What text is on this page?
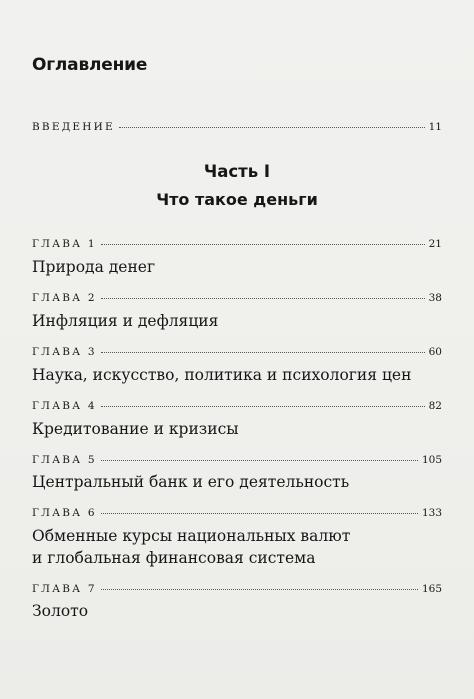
Оглавление
ВВЕДЕНИЕ	11
Часть I
Что такое деньги
ГЛАВА 1	21
Природа денег
ГЛАВА 2	38
Инфляция и дефляция
ГЛАВА 3	60
Наука, искусство, политика и психология цен
ГЛАВА 4	82
Кредитование и кризисы
ГЛАВА 5	105
Центральный банк и его деятельность
ГЛАВА 6	133
Обменные курсы национальных валют
и глобальная финансовая система
ГЛАВА 7	165
Золото
